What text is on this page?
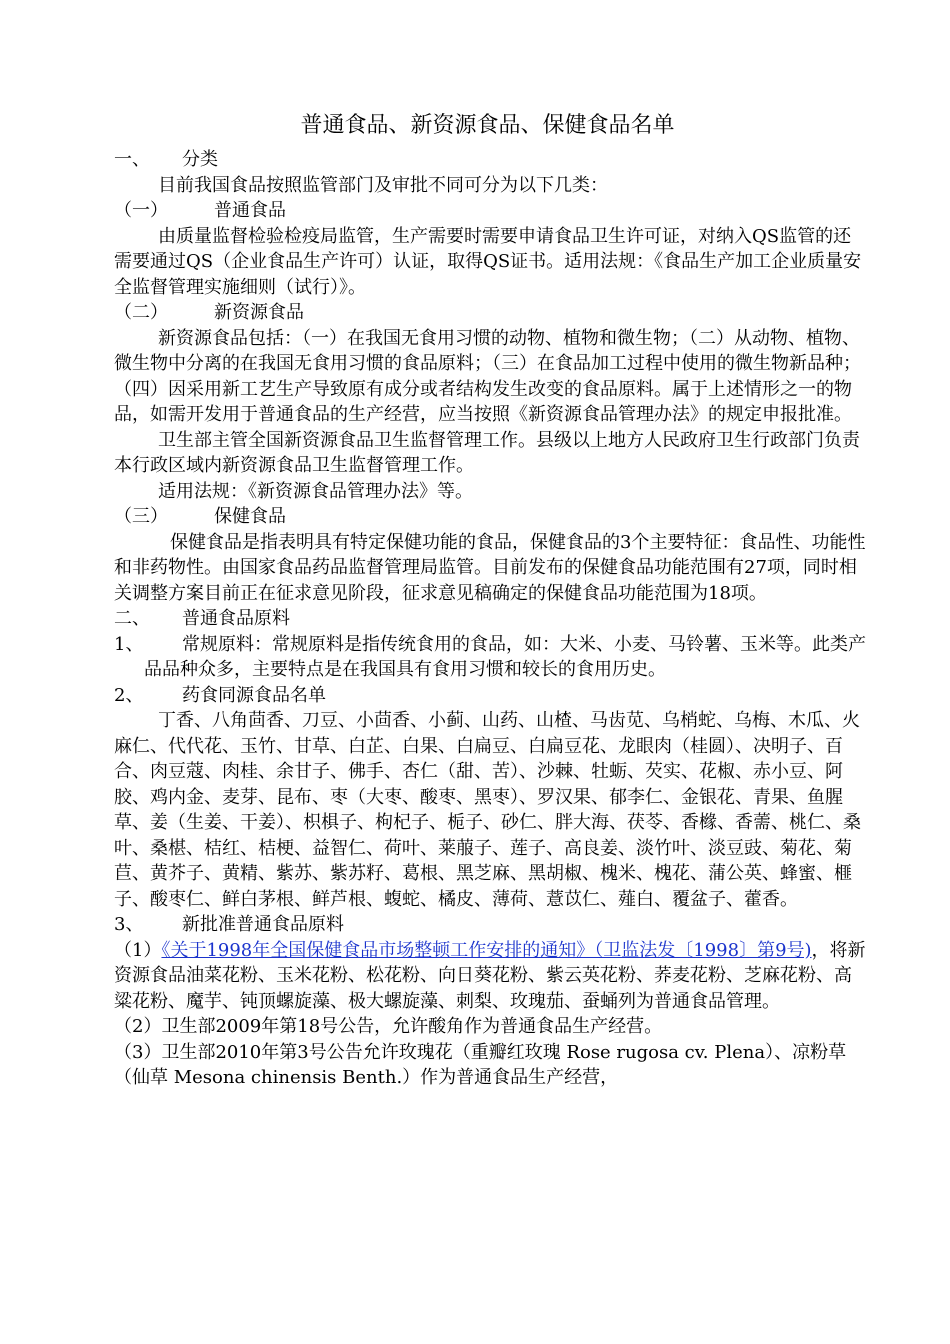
普通食品、新资源食品、保健食品名单

一、 分类

目前我国食品按照监管部门及审批不同可分为以下几类：

（一）	普通食品

由质量监督检验检疫局监管，生产需要时需要申请食品卫生许可证，对纳入QS监管的还需要通过QS（企业食品生产许可）认证，取得QS证书。适用法规：《食品生产加工企业质量安全监督管理实施细则（试行）》。

（二）	新资源食品

新资源食品包括：（一）在我国无食用习惯的动物、植物和微生物；（二）从动物、植物、微生物中分离的在我国无食用习惯的食品原料；（三）在食品加工过程中使用的微生物新品种；（四）因采用新工艺生产导致原有成分或者结构发生改变的食品原料。属于上述情形之一的物品，如需开发用于普通食品的生产经营，应当按照《新资源食品管理办法》的规定申报批准。

卫生部主管全国新资源食品卫生监督管理工作。县级以上地方人民政府卫生行政部门负责本行政区域内新资源食品卫生监督管理工作。

适用法规：《新资源食品管理办法》等。

（三）	保健食品

保健食品是指表明具有特定保健功能的食品，保健食品的3个主要特征：食品性、功能性和非药物性。由国家食品药品监督管理局监管。目前发布的保健食品功能范围有27项，同时相关调整方案目前正在征求意见阶段，征求意见稿确定的保健食品功能范围为18项。

二、 普通食品原料

1、 常规原料：常规原料是指传统食用的食品，如：大米、小麦、马铃薯、玉米等。此类产品品种众多，主要特点是在我国具有食用习惯和较长的食用历史。

2、 药食同源食品名单

丁香、八角茴香、刀豆、小茴香、小蓟、山药、山楂、马齿苋、乌梢蛇、乌梅、木瓜、火麻仁、代代花、玉竹、甘草、白芷、白果、白扁豆、白扁豆花、龙眼肉（桂圆）、决明子、百合、肉豆蔻、肉桂、余甘子、佛手、杏仁（甜、苦）、沙棘、牡蛎、芡实、花椒、赤小豆、阿胶、鸡内金、麦芽、昆布、枣（大枣、酸枣、黑枣）、罗汉果、郁李仁、金银花、青果、鱼腥草、姜（生姜、干姜）、枳椇子、枸杞子、栀子、砂仁、胖大海、茯苓、香橼、香薷、桃仁、桑叶、桑椹、桔红、桔梗、益智仁、荷叶、莱菔子、莲子、高良姜、淡竹叶、淡豆豉、菊花、菊苣、黄芥子、黄精、紫苏、紫苏籽、葛根、黑芝麻、黑胡椒、槐米、槐花、蒲公英、蜂蜜、榧子、酸枣仁、鲜白茅根、鲜芦根、蝮蛇、橘皮、薄荷、薏苡仁、薤白、覆盆子、藿香。

3、 新批准普通食品原料

（1）《关于1998年全国保健食品市场整顿工作安排的通知》（卫监法发〔1998〕第9号)，将新资源食品油菜花粉、玉米花粉、松花粉、向日葵花粉、紫云英花粉、荞麦花粉、芝麻花粉、高粱花粉、魔芋、钝顶螺旋藻、极大螺旋藻、刺梨、玫瑰茄、蚕蛹列为普通食品管理。

（2）卫生部2009年第18号公告，允许酸角作为普通食品生产经营。

（3）卫生部2010年第3号公告允许玫瑰花（重瓣红玫瑰 Rose rugosa cv. Plena）、凉粉草（仙草 Mesona chinensis Benth.）作为普通食品生产经营，
